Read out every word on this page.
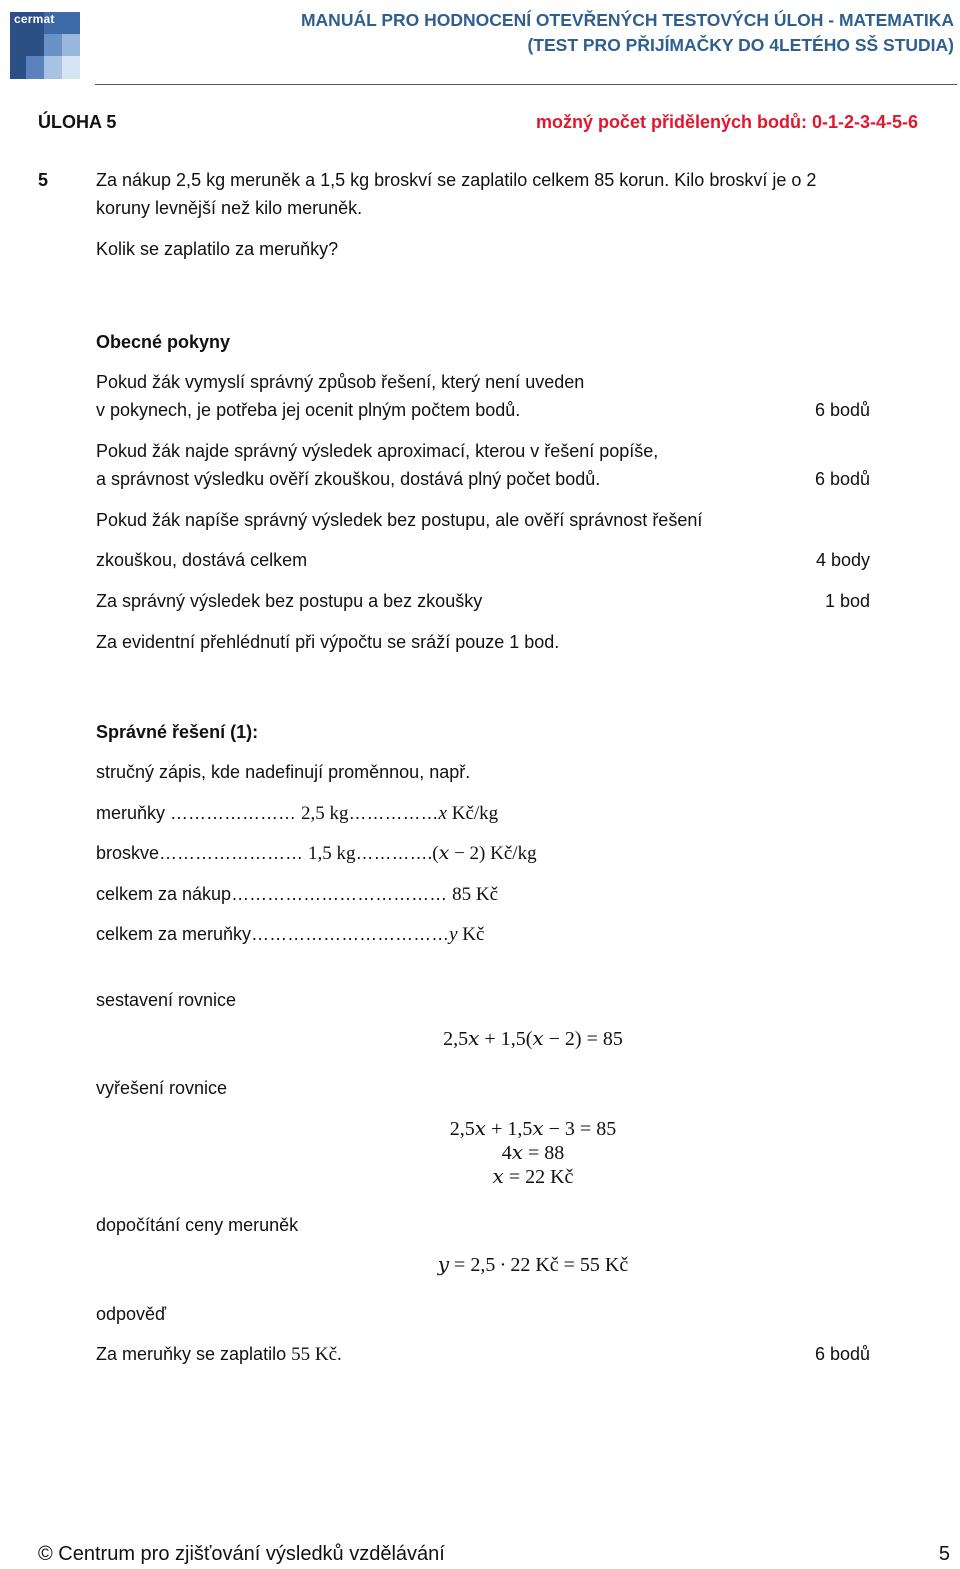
cermat	MANUÁL PRO HODNOCENÍ OTEVŘENÝCH TESTOVÝCH ÚLOH - MATEMATIKA
(TEST PRO PŘIJÍMAČKY DO 4LETÉHO SŠ STUDIA)
ÚLOHA 5	možný počet přidělených bodů: 0-1-2-3-4-5-6
5	Za nákup 2,5 kg meruněk a 1,5 kg broskví se zaplatilo celkem 85 korun. Kilo broskví je o 2
koruny levnější než kilo meruněk.
Kolik se zaplatilo za meruňky?
Obecné pokyny
Pokud žák vymyslí správný způsob řešení, který není uveden
v pokynech, je potřeba jej ocenit plným počtem bodů.	6 bodů
Pokud žák najde správný výsledek aproximací, kterou v řešení popíše,
a správnost výsledku ověří zkouškou, dostává plný počet bodů.	6 bodů
Pokud žák napíše správný výsledek bez postupu, ale ověří správnost řešení
zkouškou, dostává celkem	4 body
Za správný výsledek bez postupu a bez zkoušky	1 bod
Za evidentní přehlédnutí při výpočtu se sráží pouze 1 bod.
Správné řešení (1):
stručný zápis, kde nadefinují proměnnou, např.
meruňky ………………… 2,5 kg……………x Kč/kg
broskve…………………… 1,5 kg………….(𝑥 − 2) Kč/kg
celkem za nákup……………………………… 85 Kč
celkem za meruňky……………………………y Kč
sestavení rovnice
2,5𝑥 + 1,5(𝑥 − 2) = 85
vyřešení rovnice
2,5𝑥 + 1,5𝑥 − 3 = 85
4𝑥 = 88
𝑥 = 22 Kč
dopočítání ceny meruněk
𝑦 = 2,5 ∙ 22 Kč = 55 Kč
odpověď
Za meruňky se zaplatilo 55 Kč.	6 bodů
© Centrum pro zjišťování výsledků vzdělávání	5
